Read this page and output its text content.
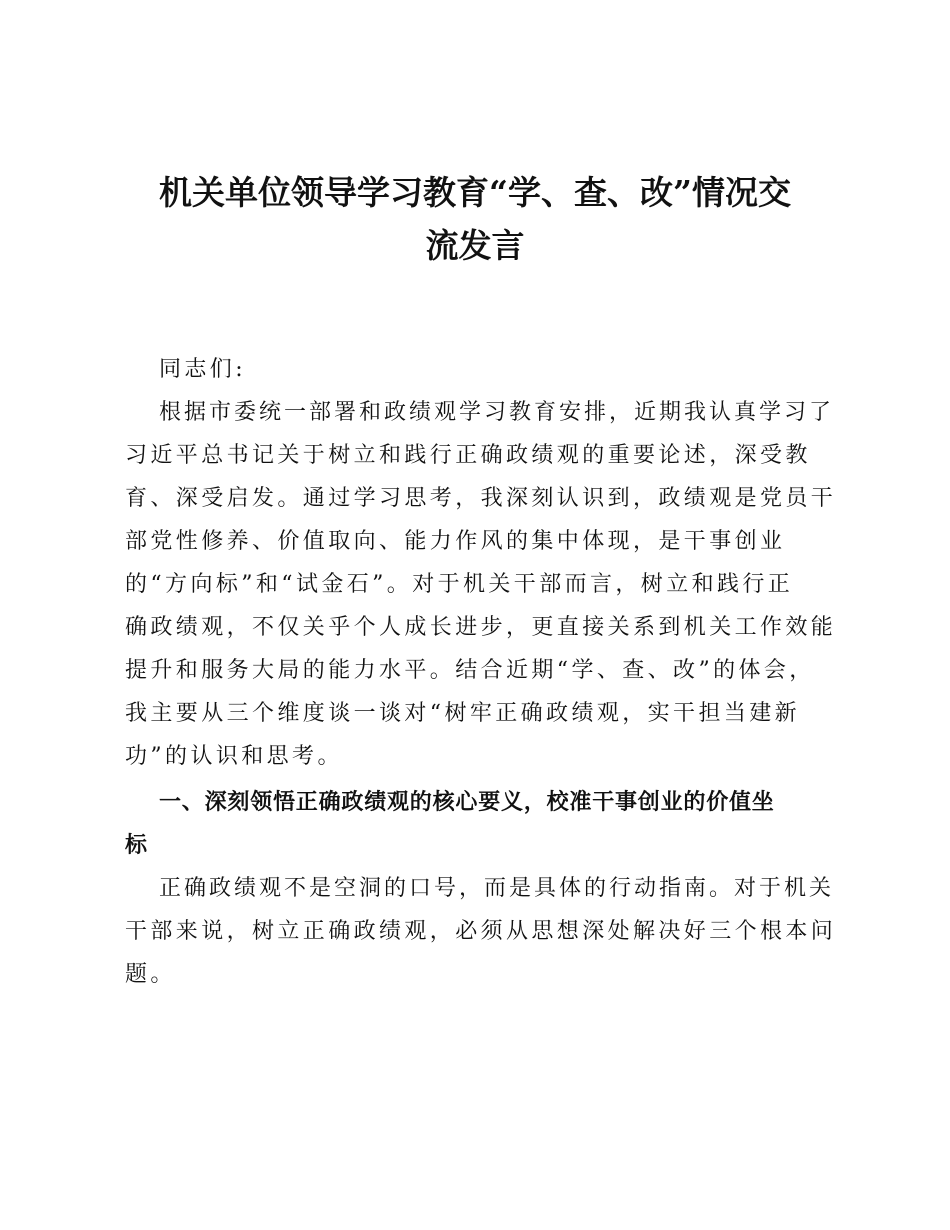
机关单位领导学习教育“学、查、改”情况交
流发言

同志们:

根据市委统一部署和政绩观学习教育安排，近期我认真学习了

习近平总书记关于树立和践行正确政绩观的重要论述，深受教

育、深受启发。通过学习思考，我深刻认识到，政绩观是党员干

部党性修养、价值取向、能力作风的集中体现，是干事创业

的“方向标”和“试金石”。对于机关干部而言，树立和践行正

确政绩观，不仅关乎个人成长进步，更直接关系到机关工作效能

提升和服务大局的能力水平。结合近期“学、查、改”的体会，

我主要从三个维度谈一谈对“树牢正确政绩观，实干担当建新

功”的认识和思考。

一、深刻领悟正确政绩观的核心要义，校准干事创业的价值坐

标

正确政绩观不是空洞的口号，而是具体的行动指南。对于机关

干部来说，树立正确政绩观，必须从思想深处解决好三个根本问

题。
